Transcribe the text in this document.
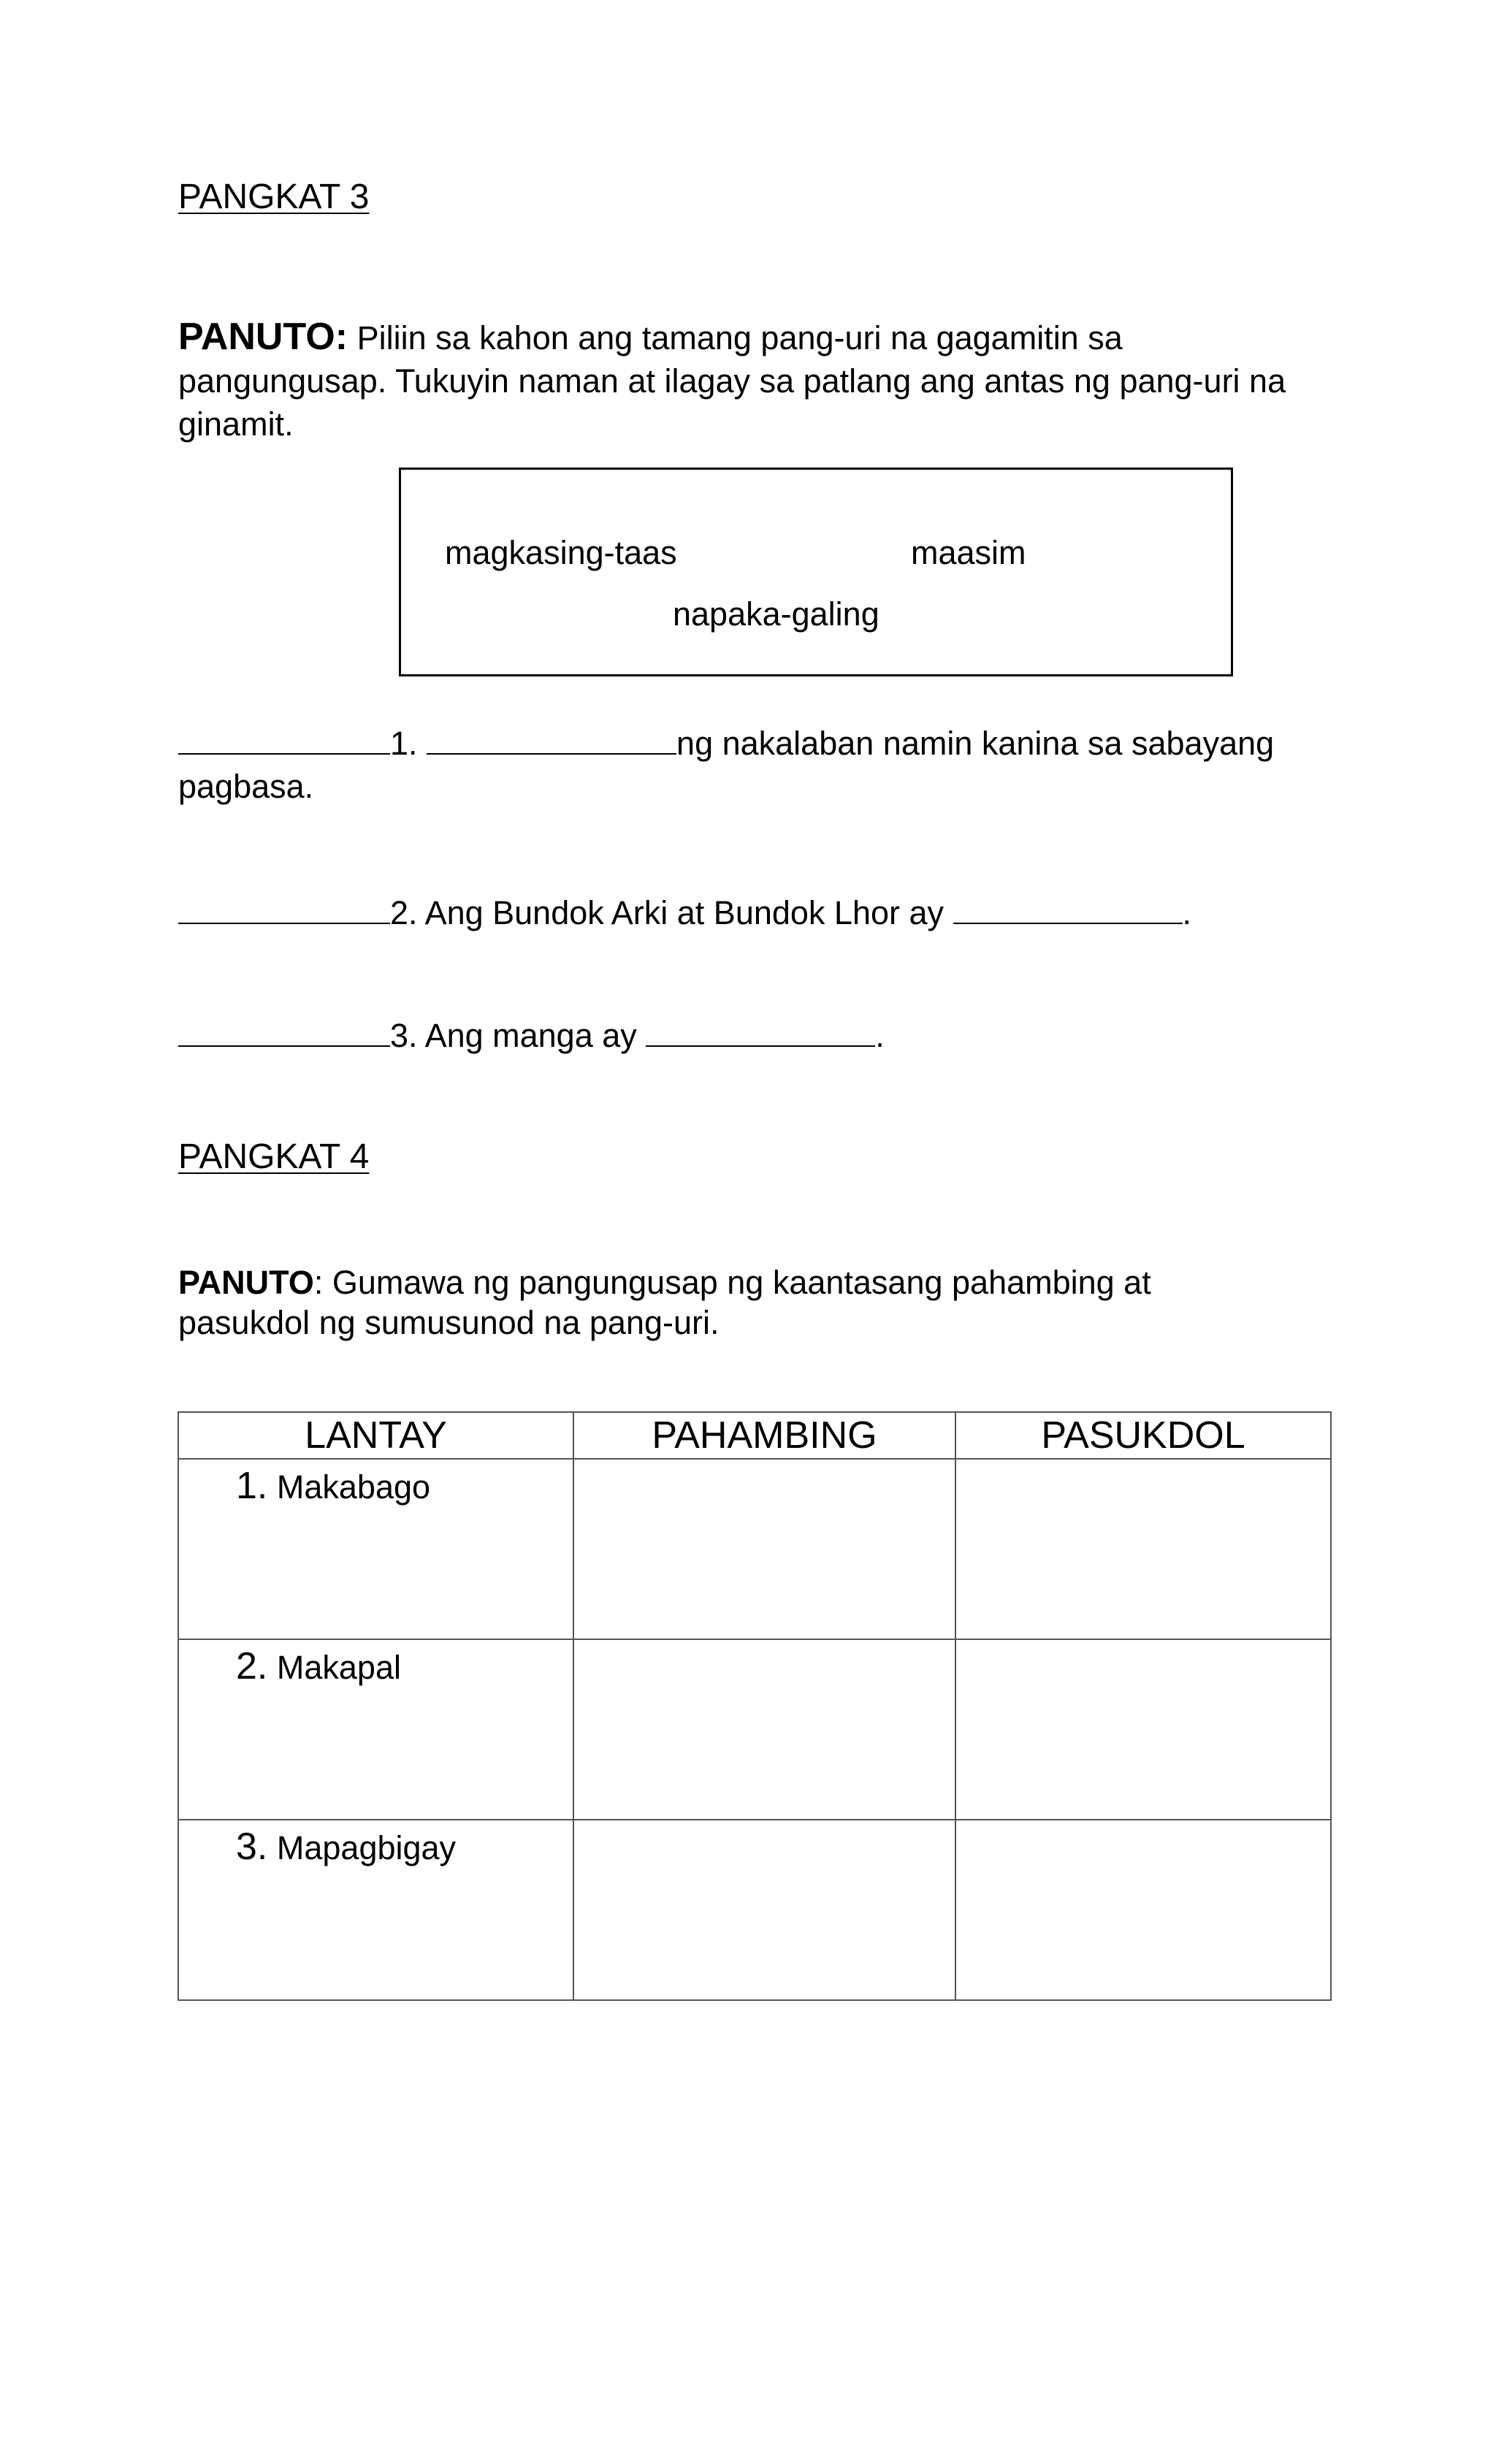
PANGKAT 3
PANUTO: Piliin sa kahon ang tamang pang-uri na gagamitin sa pangungusap. Tukuyin naman at ilagay sa patlang ang antas ng pang-uri na ginamit.
magkasing-taas	maasim
napaka-galing
1.	ng nakalaban namin kanina sa sabayang pagbasa.
2. Ang Bundok Arki at Bundok Lhor ay	.
3. Ang manga ay	.
PANGKAT 4
PANUTO: Gumawa ng pangungusap ng kaantasang pahambing at pasukdol ng sumusunod na pang-uri.
LANTAY	PAHAMBING	PASUKDOL

1. Makabago		

2. Makapal		

3. Mapagbigay		
